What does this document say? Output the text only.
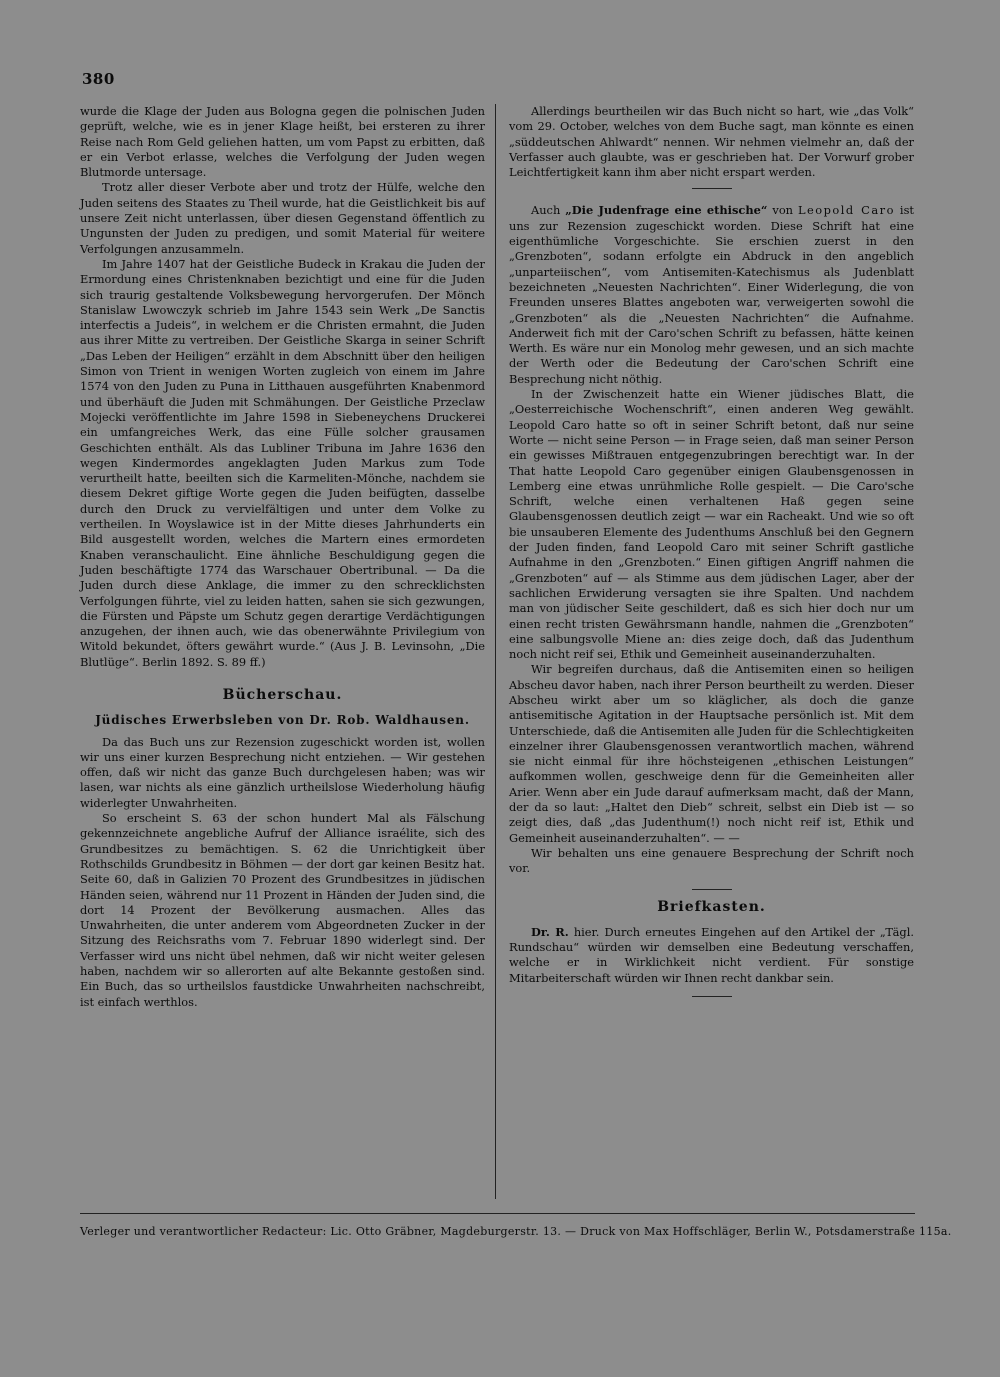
380

wurde die Klage der Juden aus Bologna gegen die polnischen Juden geprüft, welche, wie es in jener Klage heißt, bei ersteren zu ihrer Reise nach Rom Geld geliehen hatten, um vom Papst zu erbitten, daß er ein Verbot erlasse, welches die Verfolgung der Juden wegen Blutmorde untersage.

Trotz aller dieser Verbote aber und trotz der Hülfe, welche den Juden seitens des Staates zu Theil wurde, hat die Geistlichkeit bis auf unsere Zeit nicht unterlassen, über diesen Gegenstand öffentlich zu Ungunsten der Juden zu predigen, und somit Material für weitere Verfolgungen anzusammeln.

Im Jahre 1407 hat der Geistliche Budeck in Krakau die Juden der Ermordung eines Christenknaben bezichtigt und eine für die Juden sich traurig gestaltende Volksbewegung hervorgerufen. Der Mönch Stanislaw Lwowczyk schrieb im Jahre 1543 sein Werk „De Sanctis interfectis a Judeis“, in welchem er die Christen ermahnt, die Juden aus ihrer Mitte zu vertreiben. Der Geistliche Skarga in seiner Schrift „Das Leben der Heiligen“ erzählt in dem Abschnitt über den heiligen Simon von Trient in wenigen Worten zugleich von einem im Jahre 1574 von den Juden zu Puna in Litthauen ausgeführten Knabenmord und überhäuft die Juden mit Schmähungen. Der Geistliche Przeclaw Mojecki veröffentlichte im Jahre 1598 in Siebeneychens Druckerei ein umfangreiches Werk, das eine Fülle solcher grausamen Geschichten enthält. Als das Lubliner Tribuna im Jahre 1636 den wegen Kindermordes angeklagten Juden Markus zum Tode verurtheilt hatte, beeilten sich die Karmeliten-Mönche, nachdem sie diesem Dekret giftige Worte gegen die Juden beifügten, dasselbe durch den Druck zu vervielfältigen und unter dem Volke zu vertheilen. In Woyslawice ist in der Mitte dieses Jahrhunderts ein Bild ausgestellt worden, welches die Martern eines ermordeten Knaben veranschaulicht. Eine ähnliche Beschuldigung gegen die Juden beschäftigte 1774 das Warschauer Obertribunal. — Da die Juden durch diese Anklage, die immer zu den schrecklichsten Verfolgungen führte, viel zu leiden hatten, sahen sie sich gezwungen, die Fürsten und Päpste um Schutz gegen derartige Verdächtigungen anzugehen, der ihnen auch, wie das obenerwähnte Privilegium von Witold bekundet, öfters gewährt wurde.“ (Aus J. B. Levinsohn, „Die Blutlüge“. Berlin 1892. S. 89 ff.)

Bücherschau.
Jüdisches Erwerbsleben von Dr. Rob. Waldhausen.

Da das Buch uns zur Rezension zugeschickt worden ist, wollen wir uns einer kurzen Besprechung nicht entziehen. — Wir gestehen offen, daß wir nicht das ganze Buch durchgelesen haben; was wir lasen, war nichts als eine gänzlich urtheilslose Wiederholung häufig widerlegter Unwahrheiten.

So erscheint S. 63 der schon hundert Mal als Fälschung gekennzeichnete angebliche Aufruf der Alliance israélite, sich des Grundbesitzes zu bemächtigen. S. 62 die Unrichtigkeit über Rothschilds Grundbesitz in Böhmen — der dort gar keinen Besitz hat. Seite 60, daß in Galizien 70 Prozent des Grundbesitzes in jüdischen Händen seien, während nur 11 Prozent in Händen der Juden sind, die dort 14 Prozent der Bevölkerung ausmachen. Alles das Unwahrheiten, die unter anderem vom Abgeordneten Zucker in der Sitzung des Reichsraths vom 7. Februar 1890 widerlegt sind. Der Verfasser wird uns nicht übel nehmen, daß wir nicht weiter gelesen haben, nachdem wir so allerorten auf alte Bekannte gestoßen sind. Ein Buch, das so urtheilslos faustdicke Unwahrheiten nachschreibt, ist einfach werthlos.

Allerdings beurtheilen wir das Buch nicht so hart, wie „das Volk“ vom 29. October, welches von dem Buche sagt, man könnte es einen „süddeutschen Ahlwardt“ nennen. Wir nehmen vielmehr an, daß der Verfasser auch glaubte, was er geschrieben hat. Der Vorwurf grober Leichtfertigkeit kann ihm aber nicht erspart werden.

Auch „Die Judenfrage eine ethische“ von Leopold Caro ist uns zur Rezension zugeschickt worden. Diese Schrift hat eine eigenthümliche Vorgeschichte. Sie erschien zuerst in den „Grenzboten“, sodann erfolgte ein Abdruck in den angeblich „unparteiischen“, vom Antisemiten-Katechismus als Judenblatt bezeichneten „Neuesten Nachrichten“. Einer Widerlegung, die von Freunden unseres Blattes angeboten war, verweigerten sowohl die „Grenzboten“ als die „Neuesten Nachrichten“ die Aufnahme. Anderweit fich mit der Caro'schen Schrift zu befassen, hätte keinen Werth. Es wäre nur ein Monolog mehr gewesen, und an sich machte der Werth oder die Bedeutung der Caro'schen Schrift eine Besprechung nicht nöthig.

In der Zwischenzeit hatte ein Wiener jüdisches Blatt, die „Oesterreichische Wochenschrift“, einen anderen Weg gewählt. Leopold Caro hatte so oft in seiner Schrift betont, daß nur seine Worte — nicht seine Person — in Frage seien, daß man seiner Person ein gewisses Mißtrauen entgegenzubringen berechtigt war. In der That hatte Leopold Caro gegenüber einigen Glaubensgenossen in Lemberg eine etwas unrühmliche Rolle gespielt. — Die Caro'sche Schrift, welche einen verhaltenen Haß gegen seine Glaubensgenossen deutlich zeigt — war ein Racheakt. Und wie so oft bie unsauberen Elemente des Judenthums Anschluß bei den Gegnern der Juden finden, fand Leopold Caro mit seiner Schrift gastliche Aufnahme in den „Grenzboten.“ Einen giftigen Angriff nahmen die „Grenzboten“ auf — als Stimme aus dem jüdischen Lager, aber der sachlichen Erwiderung versagten sie ihre Spalten. Und nachdem man von jüdischer Seite geschildert, daß es sich hier doch nur um einen recht tristen Gewährsmann handle, nahmen die „Grenzboten“ eine salbungsvolle Miene an: dies zeige doch, daß das Judenthum noch nicht reif sei, Ethik und Gemeinheit auseinanderzuhalten.

Wir begreifen durchaus, daß die Antisemiten einen so heiligen Abscheu davor haben, nach ihrer Person beurtheilt zu werden. Dieser Abscheu wirkt aber um so kläglicher, als doch die ganze antisemitische Agitation in der Hauptsache persönlich ist. Mit dem Unterschiede, daß die Antisemiten alle Juden für die Schlechtigkeiten einzelner ihrer Glaubensgenossen verantwortlich machen, während sie nicht einmal für ihre höchsteigenen „ethischen Leistungen“ aufkommen wollen, geschweige denn für die Gemeinheiten aller Arier. Wenn aber ein Jude darauf aufmerksam macht, daß der Mann, der da so laut: „Haltet den Dieb“ schreit, selbst ein Dieb ist — so zeigt dies, daß „das Judenthum(!) noch nicht reif ist, Ethik und Gemeinheit auseinanderzuhalten“. — —

Wir behalten uns eine genauere Besprechung der Schrift noch vor.

Briefkasten.

Dr. R. hier. Durch erneutes Eingehen auf den Artikel der „Tägl. Rundschau“ würden wir demselben eine Bedeutung verschaffen, welche er in Wirklichkeit nicht verdient. Für sonstige Mitarbeiterschaft würden wir Ihnen recht dankbar sein.

Verleger und verantwortlicher Redacteur: Lic. Otto Gräbner, Magdeburgerstr. 13. — Druck von Max Hoffschläger, Berlin W., Potsdamerstraße 115a.
